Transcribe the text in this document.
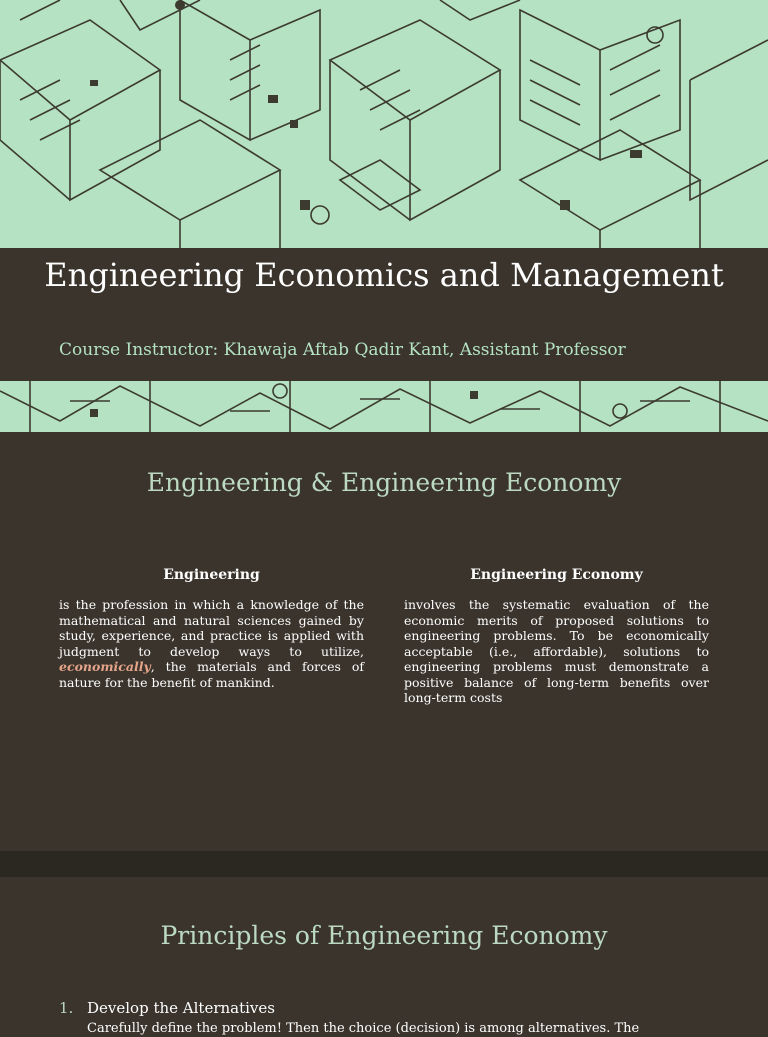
Engineering Economics and Management
Course Instructor: Khawaja Aftab Qadir Kant, Assistant Professor
Engineering & Engineering Economy
Engineering
is the profession in which a knowledge of the mathematical and natural sciences gained by study, experience, and practice is applied with judgment to develop ways to utilize, economically, the materials and forces of nature for the benefit of mankind.
Engineering Economy
involves the systematic evaluation of the economic merits of proposed solutions to engineering problems. To be economically acceptable (i.e., affordable), solutions to engineering problems must demonstrate a positive balance of long-term benefits over long-term costs
Principles of Engineering Economy
1. Develop the Alternatives
Carefully define the problem! Then the choice (decision) is among alternatives. The
